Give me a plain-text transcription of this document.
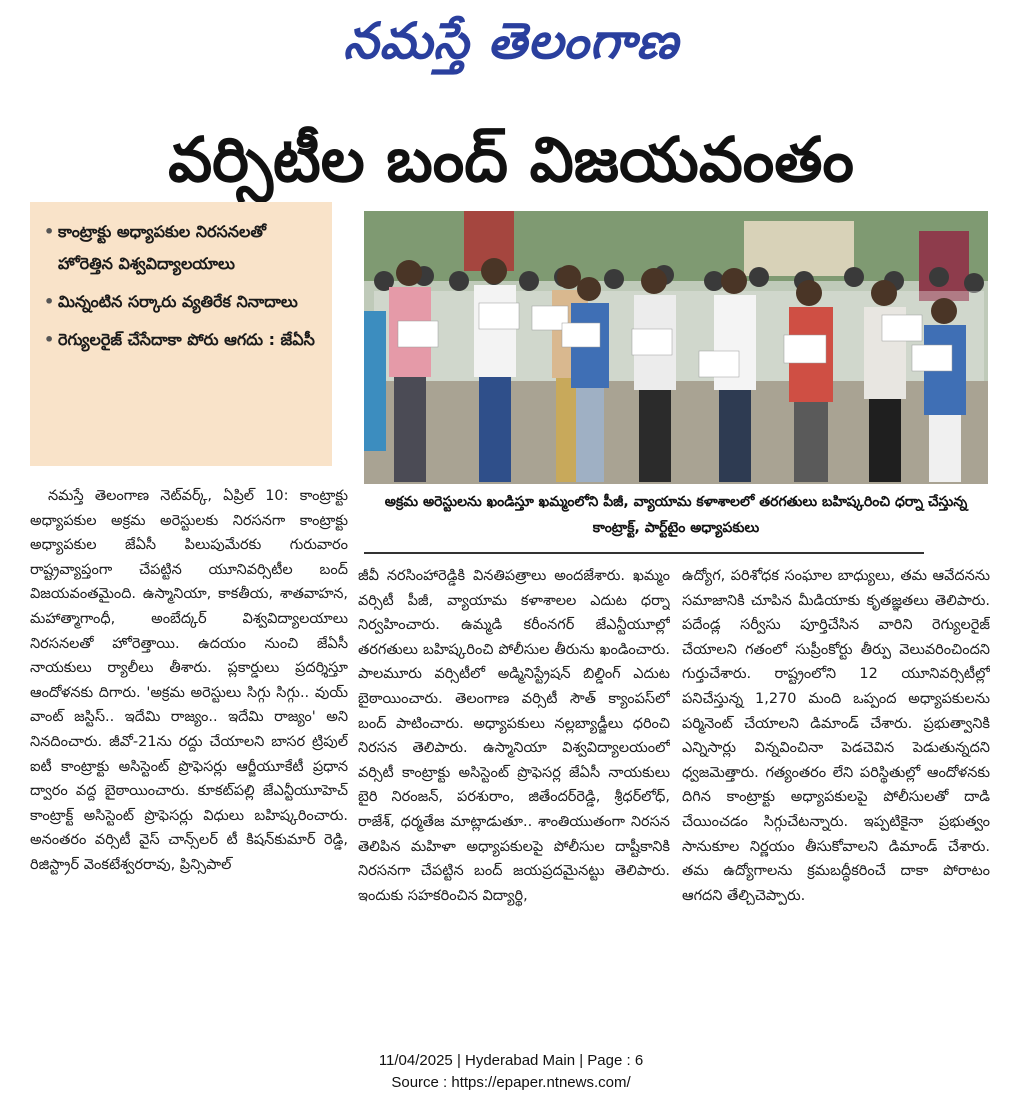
నమస్తే తెలంగాణ
వర్సిటీల బంద్ విజయవంతం
• కాంట్రాక్టు అధ్యాపకుల నిరసనలతో హోరెత్తిన విశ్వవిద్యాలయాలు
• మిన్నంటిన సర్కారు వ్యతిరేక నినాదాలు
• రెగ్యులరైజ్ చేసేదాకా పోరు ఆగదు : జేఏసీ
అక్రమ అరెస్టులను ఖండిస్తూ ఖమ్మంలోని పీజీ, వ్యాయామ కళాశాలలో తరగతులు బహిష్కరించి ధర్నా చేస్తున్న కాంట్రాక్ట్, పార్ట్‌టైం అధ్యాపకులు

నమస్తే తెలంగాణ నెట్‌వర్క్, ఏప్రిల్ 10: కాంట్రాక్టు అధ్యాపకుల అక్రమ అరెస్టులకు నిరసనగా కాంట్రాక్టు అధ్యాపకుల జేఏసీ పిలుపుమేరకు గురువారం రాష్ట్రవ్యాప్తంగా చేపట్టిన యూనివర్సిటీల బంద్ విజయవంతమైంది. ఉస్మానియా, కాకతీయ, శాతవాహన, మహాత్మాగాంధీ, అంబేద్కర్ విశ్వవిద్యాలయాలు నిరసనలతో హోరెత్తాయి. ఉదయం నుంచి జేఏసీ నాయకులు ర్యాలీలు తీశారు. ప్లకార్డులు ప్రదర్శిస్తూ ఆందోళనకు దిగారు. 'అక్రమ అరెస్టులు సిగ్గు సిగ్గు.. వుయ్ వాంట్ జస్టిస్.. ఇదేమి రాజ్యం.. ఇదేమి రాజ్యం' అని నినదించారు. జీవో-21ను రద్దు చేయాలని బాసర ట్రిపుల్ ఐటీ కాంట్రాక్టు అసిస్టెంట్ ప్రొఫెసర్లు ఆర్జీయూకేటీ ప్రధాన ద్వారం వద్ద బైఠాయించారు. కూకట్‌పల్లి జేఎన్టీయూహెచ్ కాంట్రాక్ట్ అసిస్టెంట్ ప్రొఫెసర్లు విధులు బహిష్కరించారు. అనంతరం వర్సిటీ వైస్ చాన్స్‌లర్ టీ కిషన్‌కుమార్ రెడ్డి, రిజిస్ట్రార్ వెంకటేశ్వరరావు, ప్రిన్సిపాల్

జీవీ నరసింహారెడ్డికి వినతిపత్రాలు అందజేశారు. ఖమ్మం వర్సిటీ పీజీ, వ్యాయామ కళాశాలల ఎదుట ధర్నా నిర్వహించారు. ఉమ్మడి కరీంనగర్ జేఎన్టీయూల్లో తరగతులు బహిష్కరించి పోలీసుల తీరును ఖండించారు. పాలమూరు వర్సిటీలో అడ్మినిస్ట్రేషన్ బిల్డింగ్ ఎదుట బైఠాయించారు. తెలంగాణ వర్సిటీ సౌత్ క్యాంపస్‌లో బంద్ పాటించారు. అధ్యాపకులు నల్లబ్యాడ్జీలు ధరించి నిరసన తెలిపారు. ఉస్మానియా విశ్వవిద్యాలయంలో వర్సిటీ కాంట్రాక్టు అసిస్టెంట్ ప్రొఫెసర్ల జేఏసీ నాయకులు బైరి నిరంజన్, పరశురాం, జితేందర్‌రెడ్డి, శ్రీధర్‌లోధ్, రాజేశ్, ధర్మతేజ మాట్లాడుతూ.. శాంతియుతంగా నిరసన తెలిపిన మహిళా అధ్యాపకులపై పోలీసుల దాష్టీకానికి నిరసనగా చేపట్టిన బంద్ జయప్రదమైనట్టు తెలిపారు. ఇందుకు సహకరించిన విద్యార్థి,

ఉద్యోగ, పరిశోధక సంఘాల బాధ్యులు, తమ ఆవేదనను సమాజానికి చూపిన మీడియాకు కృతజ్ఞతలు తెలిపారు. పదేండ్ల సర్వీసు పూర్తిచేసిన వారిని రెగ్యులరైజ్ చేయాలని గతంలో సుప్రీంకోర్టు తీర్పు వెలువరించిందని గుర్తుచేశారు. రాష్ట్రంలోని 12 యూనివర్సిటీల్లో పనిచేస్తున్న 1,270 మంది ఒప్పంద అధ్యాపకులను పర్మినెంట్ చేయాలని డిమాండ్ చేశారు. ప్రభుత్వానికి ఎన్నిసార్లు విన్నవించినా పెడచెవిన పెడుతున్నదని ధ్వజమెత్తారు. గత్యంతరం లేని పరిస్థితుల్లో ఆందోళనకు దిగిన కాంట్రాక్టు అధ్యాపకులపై పోలీసులతో దాడి చేయించడం సిగ్గుచేటన్నారు. ఇప్పటికైనా ప్రభుత్వం సానుకూల నిర్ణయం తీసుకోవాలని డిమాండ్ చేశారు. తమ ఉద్యోగాలను క్రమబద్ధీకరించే దాకా పోరాటం ఆగదని తేల్చిచెప్పారు.

11/04/2025 | Hyderabad Main | Page : 6
Source : https://epaper.ntnews.com/
